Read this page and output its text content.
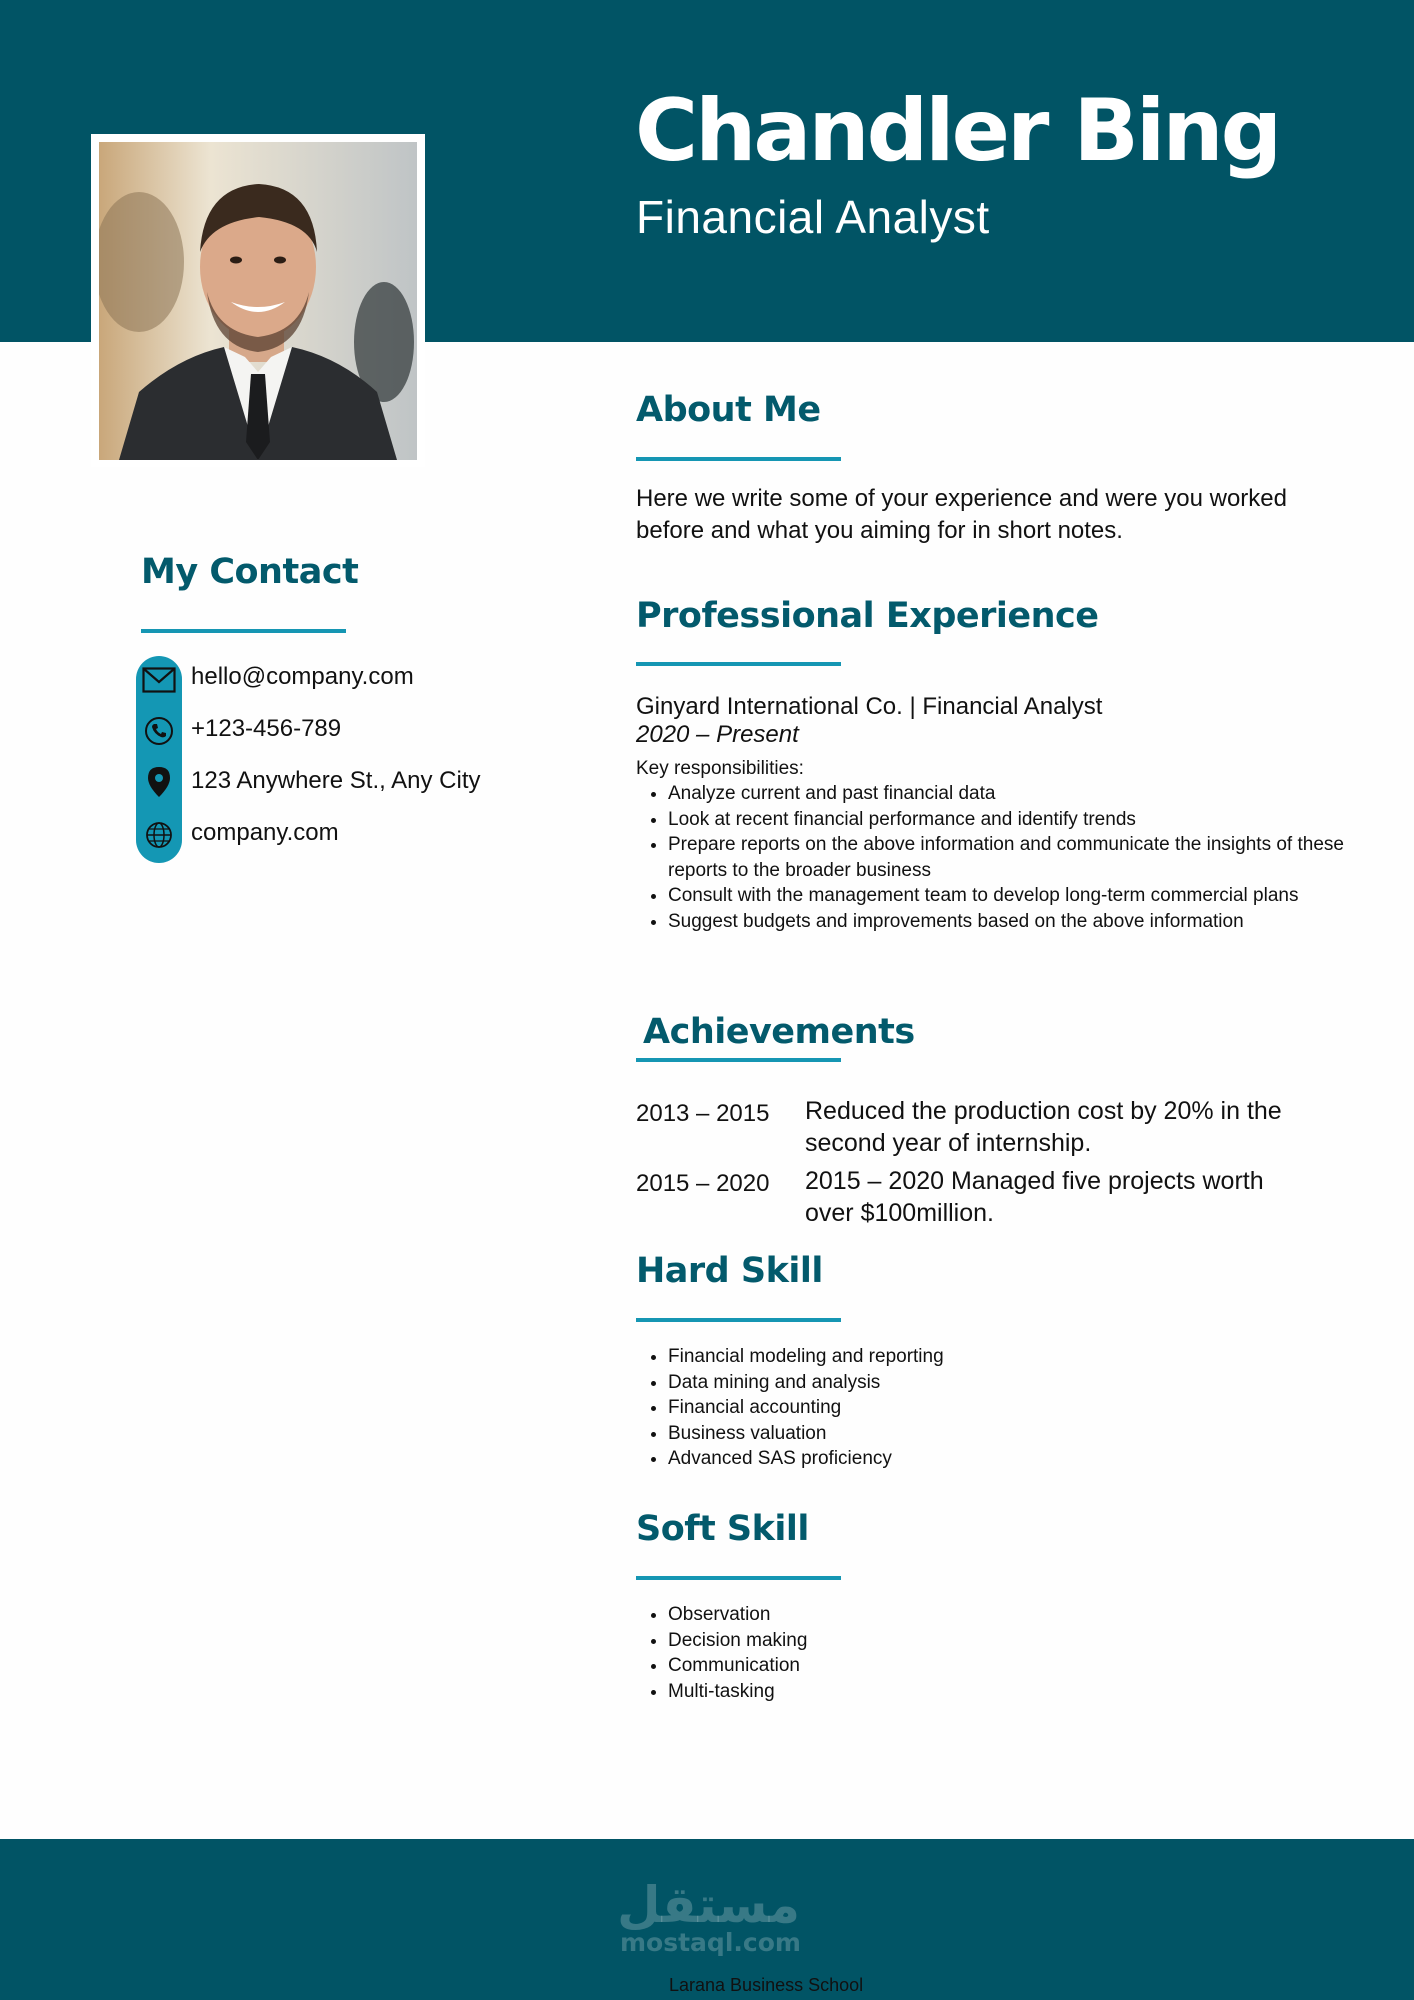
Chandler Bing
Financial Analyst
My Contact
hello@company.com
+123-456-789
123 Anywhere St., Any City
company.com
About Me
Here we write some of your experience and were you worked before and what you aiming for in short notes.
Professional Experience
Ginyard International Co. | Financial Analyst
2020 – Present
Key responsibilities:
• Analyze current and past financial data
• Look at recent financial performance and identify trends
• Prepare reports on the above information and communicate the insights of these reports to the broader business
• Consult with the management team to develop long-term commercial plans
• Suggest budgets and improvements based on the above information
Achievements
2013 – 2015 Reduced the production cost by 20% in the second year of internship.
2015 – 2020 2015 – 2020 Managed five projects worth over $100million.
Hard Skill
• Financial modeling and reporting
• Data mining and analysis
• Financial accounting
• Business valuation
• Advanced SAS proficiency
Soft Skill
• Observation
• Decision making
• Communication
• Multi-tasking
مستقل
mostaql.com
Larana Business School
